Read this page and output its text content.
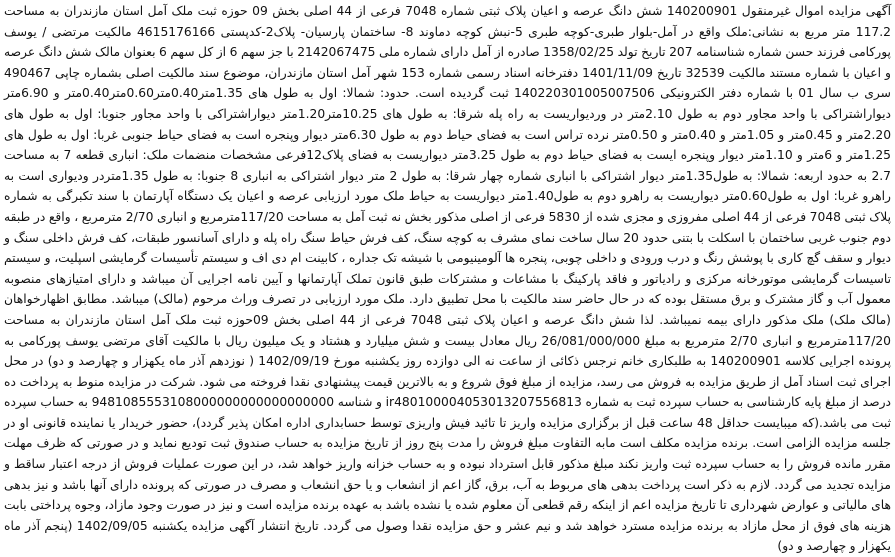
آگهی مزایده اموال غیرمنقول 140200901 شش دانگ عرصه و اعیان پلاک ثبتی شماره 7048 فرعی از 44 اصلی بخش 09 حوزه ثبت ملک آمل استان مازندران به مساحت 117.2 متر مربع به نشانی:ملک واقع در آمل-بلوار طبری-کوچه طبری 5-نبش کوچه دماوند 8- ساختمان پارسیان- پلاک2-کدپستی 4615176166 مالکیت مرتضی / یوسف پورکامی فرزند حسن شماره شناسنامه 207 تاریخ تولد 1358/02/25 صادره از آمل دارای شماره ملی 2142067475 با جز سهم 6 از کل سهم 6 بعنوان مالک شش دانگ عرصه و اعیان با شماره مستند مالکیت 32539 تاریخ 1401/11/09 دفترخانه اسناد رسمی شماره 153 شهر آمل استان مازندران، موضوع سند مالکیت اصلی بشماره چاپی 490467 سری ب سال 01 با شماره دفتر الکترونیکی 140220301005007506 ثبت گردیده است. حدود: شمالا: اول به طول های 1.35متر0.40متر0.60متر0.40متر و 6.90متر دیواراشتراکی با واحد مجاور دوم به طول 2.10متر در وردیواریست به راه پله شرقا: به طول های 10.25متر1.20متر دیواراشتراکی با واحد مجاور جنوبا: اول به طول های 2.20متر و 0.45متر و 1.05متر و 0.40متر و 0.50متر نرده تراس است به فضای حیاط دوم به طول 6.30متر دیوار وپنجره است به فضای حیاط جنوبی غربا: اول به طول های 1.25متر و 6متر و 1.10متر دیوار وپنجره ایست به فضای حیاط دوم به طول 3.25متر دیواریست به فضای پلاک12فرعی مشخصات منضمات ملک: انباری قطعه 7 به مساحت 2.7 به حدود اربعه: شمالا: به طول1.35متر دیوار اشتراکی با انباری شماره چهار شرقا: به طول 2 متر دیوار اشتراکی به انباری 8 جنوبا: به طول 1.35متردر ودیواری است به راهرو غربا: اول به طول0.60متر دیواریست به راهرو دوم به طول1.40متر دیواریست به حیاط ملک مورد ارزیابی عرصه و اعیان یک دستگاه آپارتمان با سند تکبرگی به شماره پلاک ثبتی 7048 فرعی از 44 اصلی مفروزی و مجزی شده از 5830 فرعی از اصلی مذکور بخش نه ثبت آمل به مساحت 117/20مترمربع و انباری 2/70 مترمربع ، واقع در طبقه دوم جنوب غربی ساختمان با اسکلت با بتنی حدود 20 سال ساخت نمای مشرف به کوچه سنگ، کف فرش حیاط سنگ راه پله و دارای آسانسور طبقات، کف فرش داخلی سنگ و دیوار و سقف گچ کاری با پوشش رنگ و درب ورودی و داخلی چوبی، پنجره ها آلومینیومی با شیشه تک جداره ، کابینت ام دی اف و سیستم تأسیسات گرمایشی اسپلیت، و سیستم تاسیسات گرمایشی موتورخانه مرکزی و رادیاتور و فاقد پارکینگ با مشاعات و مشترکات طبق قانون تملک آپارتمانها و آیین نامه اجرایی آن میباشد و دارای امتیازهای منصوبه معمول آب و گاز مشترک و برق مستقل بوده که در حال حاضر سند مالکیت با محل تطبیق دارد. ملک مورد ارزیابی در تصرف وراث مرحوم (مالک) میباشد. مطابق اظهارخواهان (مالک ملک) ملک مذکور دارای بیمه نمیباشد. لذا شش دانگ عرصه و اعیان پلاک ثبتی 7048 فرعی از 44 اصلی بخش 09حوزه ثبت ملک آمل استان مازندران به مساحت 117/20مترمربع و انباری 2/70 مترمربع به مبلغ 26/081/000/000 ریال معادل بیست و شش میلیارد و هشتاد و یک میلیون ریال با مالکیت آقای مرتضی یوسف پورکامی به پرونده اجرایی کلاسه 140200901 به طلبکاری خانم نرجس ذکائی از ساعت نه الی دوازده روز یکشنبه مورخ 1402/09/19 ( نوزدهم آذر ماه یکهزار و چهارصد و دو) در محل اجرای ثبت اسناد آمل از طریق مزایده به فروش می رسد، مزایده از مبلغ فوق شروع و به بالاترین قیمت پیشنهادی نقدا فروخته می شود. شرکت در مزایده منوط به پرداخت ده درصد از مبلغ پایه کارشناسی به حساب سپرده ثبت به شماره ir480100004053013207556813 و شناسه 9481085553108000000000000000000 به حساب سپرده ثبت می باشد.(که میبایست حداقل 48 ساعت قبل از برگزاری مزایده واریز تا تائید فیش واریزی توسط حسابداری اداره امکان پذیر گردد)، حضور خریدار یا نماینده قانونی او در جلسه مزایده الزامی است. برنده مزایده مکلف است مابه التفاوت مبلغ فروش را مدت پنج روز از تاریخ مزایده به حساب صندوق ثبت تودیع نماید و در صورتی که ظرف مهلت مقرر مانده فروش را به حساب سپرده ثبت واریز نکند مبلغ مذکور قابل استرداد نبوده و به حساب خزانه واریز خواهد شد، در این صورت عملیات فروش از درجه اعتبار ساقط و مزایده تجدید می گردد. لازم به ذکر است پرداخت بدهی های مربوط به آب، برق، گاز اعم از انشعاب و یا حق انشعاب و مصرف در صورتی که پرونده دارای آنها باشد و نیز بدهی های مالیاتی و عوارض شهرداری تا تاریخ مزایده اعم از اینکه رقم قطعی آن معلوم شده یا نشده باشد به عهده برنده مزایده است و نیز در صورت وجود مازاد، وجوه پرداختی بابت هزینه های فوق از محل مازاد به برنده مزایده مسترد خواهد شد و نیم عشر و حق مزایده نقدا وصول می گردد. تاریخ انتشار آگهی مزایده یکشنبه 1402/09/05 (پنجم آذر ماه یکهزار و چهارصد و دو)
